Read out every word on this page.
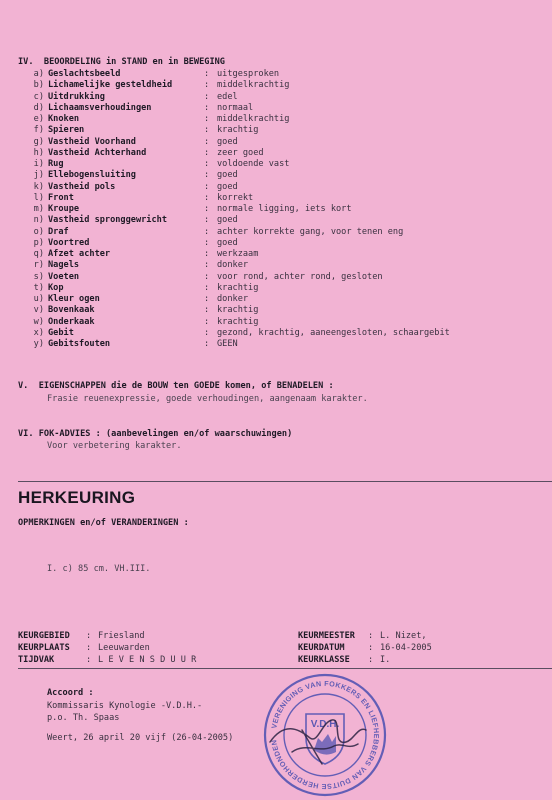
IV. BEOORDELING in STAND en in BEWEGING
a) Geslachtsbeeld	: uitgesproken
b) Lichamelijke gesteldheid	: middelkrachtig
c) Uitdrukking	: edel
d) Lichaamsverhoudingen	: normaal
e) Knoken	: middelkrachtig
f) Spieren	: krachtig
g) Vastheid Voorhand	: goed
h) Vastheid Achterhand	: zeer goed
i) Rug	: voldoende vast
j) Ellebogensluiting	: goed
k) Vastheid pols	: goed
l) Front	: korrekt
m) Kroupe	: normale ligging, iets kort
n) Vastheid spronggewricht	: goed
o) Draf	: achter korrekte gang, voor tenen eng
p) Voortred	: goed
q) Afzet achter	: werkzaam
r) Nagels	: donker
s) Voeten	: voor rond, achter rond, gesloten
t) Kop	: krachtig
u) Kleur ogen	: donker
v) Bovenkaak	: krachtig
w) Onderkaak	: krachtig
x) Gebit	: gezond, krachtig, aaneengesloten, schaargebit
y) Gebitsfouten	: GEEN
V. EIGENSCHAPPEN die de BOUW ten GOEDE komen, of BENADELEN :
Frasie reuenexpressie, goede verhoudingen, aangenaam karakter.
VI. FOK-ADVIES : (aanbevelingen en/of waarschuwingen)
Voor verbetering karakter.
HERKEURING
OPMERKINGEN en/of VERANDERINGEN :
I. c) 85 cm. VH.III.
KEURGEBIED : Friesland
KEURPLAATS : Leeuwarden
TIJDVAK	: L E V E N S D U U R
KEURMEESTER : L. Nizet,
KEURDATUM	: 16-04-2005
KEURKLASSE : I.
Accoord :
Kommissaris Kynologie -V.D.H.-
p.o. Th. Spaas
Weert, 26 april 20 vijf (26-04-2005)
VERENIGING VAN FOKKERS EN LIEFHEBBERS VAN DUITSE HERDERHONDEN
V.D.H.
